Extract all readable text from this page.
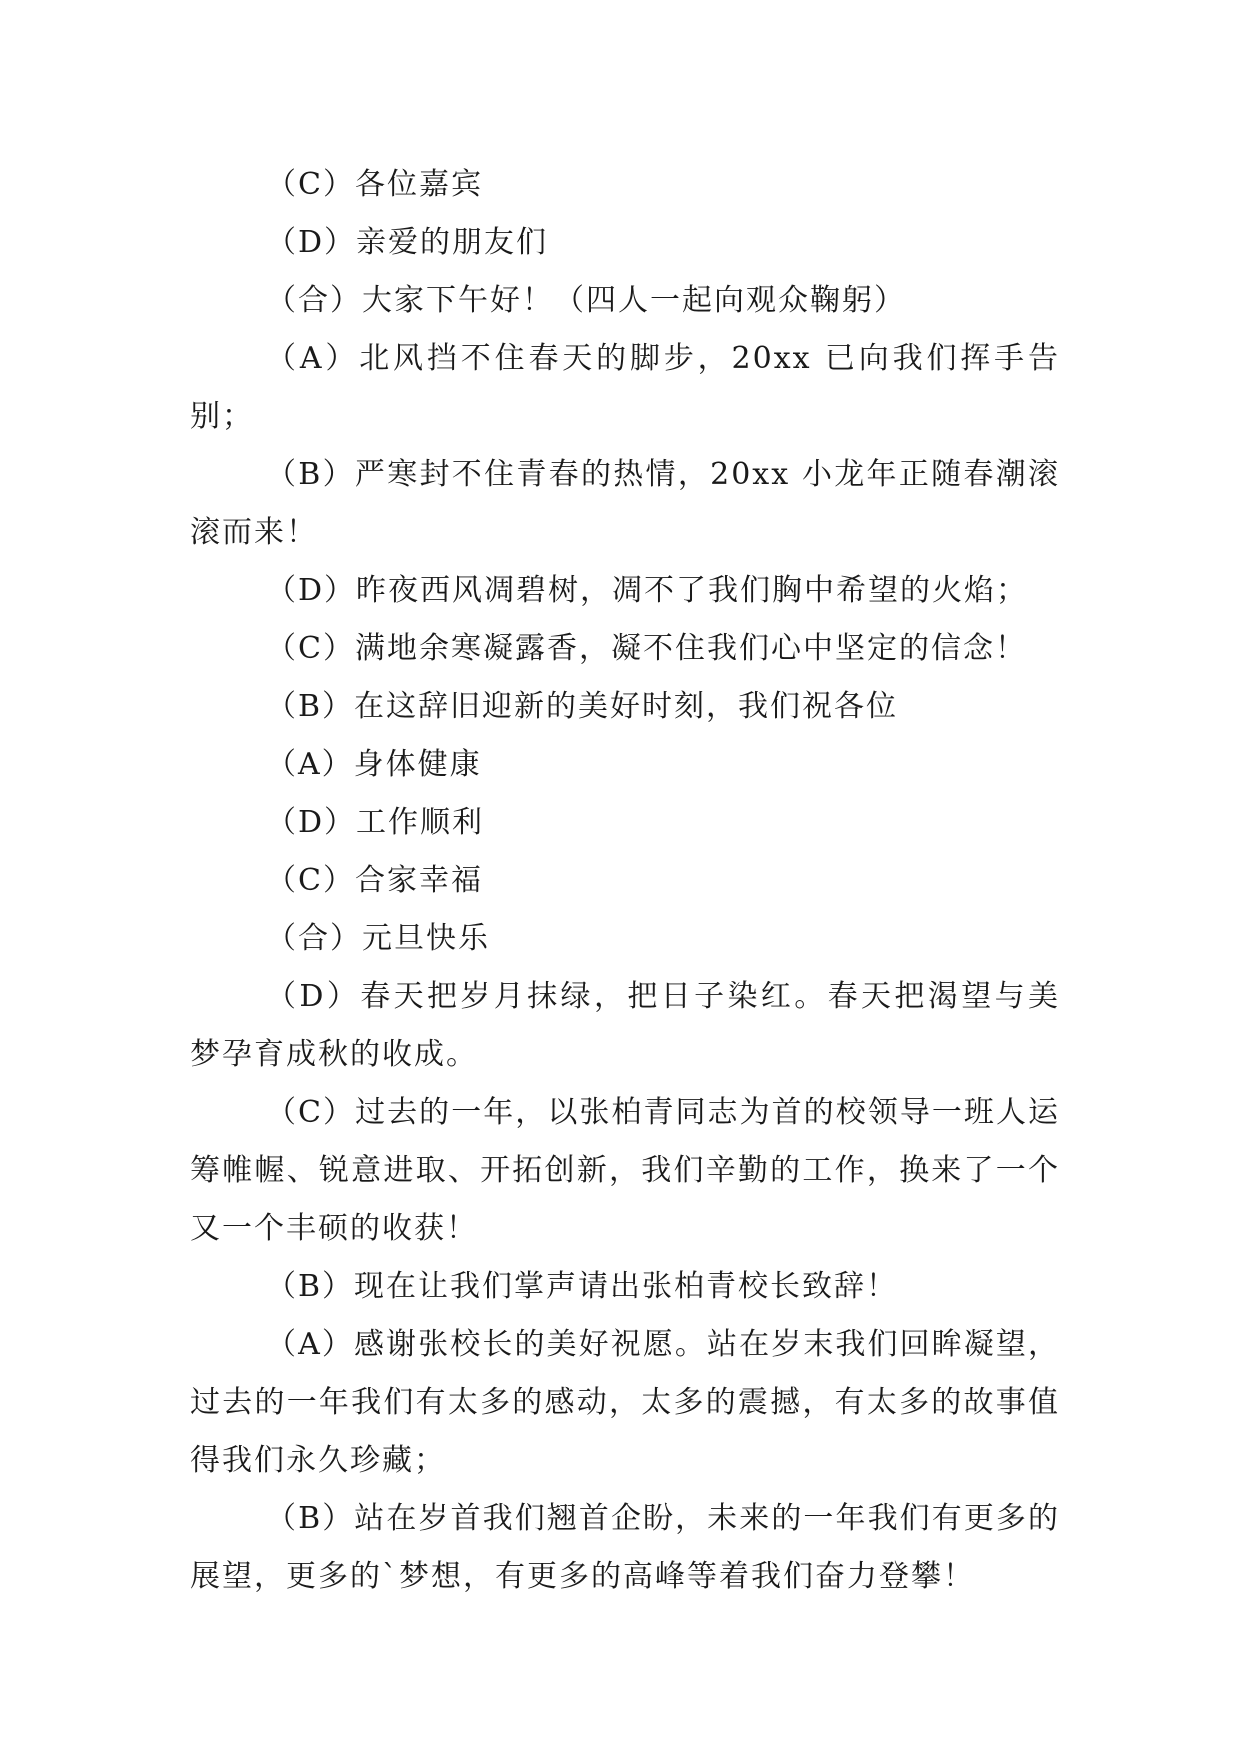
（C）各位嘉宾

（D）亲爱的朋友们

（合）大家下午好！（四人一起向观众鞠躬）

（A）北风挡不住春天的脚步，20xx 已向我们挥手告别；

（B）严寒封不住青春的热情，20xx 小龙年正随春潮滚滚而来！

（D）昨夜西风凋碧树，凋不了我们胸中希望的火焰；

（C）满地余寒凝露香，凝不住我们心中坚定的信念！

（B）在这辞旧迎新的美好时刻，我们祝各位

（A）身体健康

（D）工作顺利

（C）合家幸福

（合）元旦快乐

（D）春天把岁月抹绿，把日子染红。春天把渴望与美梦孕育成秋的收成。

（C）过去的一年，以张柏青同志为首的校领导一班人运筹帷幄、锐意进取、开拓创新，我们辛勤的工作，换来了一个又一个丰硕的收获！

（B）现在让我们掌声请出张柏青校长致辞！

（A）感谢张校长的美好祝愿。站在岁末我们回眸凝望，过去的一年我们有太多的感动，太多的震撼，有太多的故事值得我们永久珍藏；

（B）站在岁首我们翘首企盼，未来的一年我们有更多的展望，更多的`梦想，有更多的高峰等着我们奋力登攀！
